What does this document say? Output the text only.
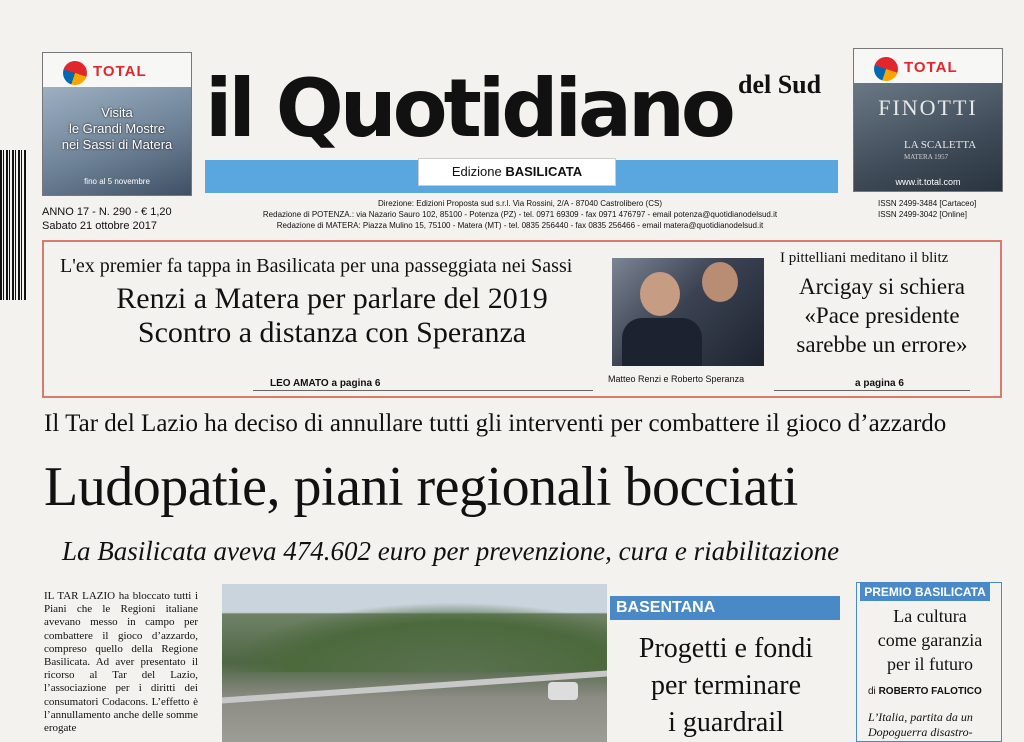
TOTAL
Visita
le Grandi Mostre
nei Sassi di Matera
fino al 5 novembre
TOTAL
FINOTTI
LA SCALETTA
MATERA 1957
www.it.total.com
il Quotidiano del Sud
Edizione BASILICATA
ANNO 17 - N. 290 - € 1,20
Sabato 21 ottobre 2017
Direzione: Edizioni Proposta sud s.r.l. Via Rossini, 2/A - 87040 Castrolibero (CS)
Redazione di POTENZA.: via Nazario Sauro 102, 85100 - Potenza (PZ) - tel. 0971 69309 - fax 0971 476797 - email potenza@quotidianodelsud.it
Redazione di MATERA: Piazza Mulino 15, 75100 - Matera (MT) - tel. 0835 256440 - fax 0835 256466 - email matera@quotidianodelsud.it
ISSN 2499-3484 [Cartaceo]
ISSN 2499-3042 [Online]
L'ex premier fa tappa in Basilicata per una passeggiata nei Sassi
Renzi a Matera per parlare del 2019
Scontro a distanza con Speranza
LEO AMATO a pagina 6	Matteo Renzi e Roberto Speranza
I pittelliani meditano il blitz
Arcigay si schiera
«Pace presidente
sarebbe un errore»
a pagina 6
Il Tar del Lazio ha deciso di annullare tutti gli interventi per combattere il gioco d’azzardo
Ludopatie, piani regionali bocciati
La Basilicata aveva 474.602 euro per prevenzione, cura e riabilitazione
IL TAR LAZIO ha bloccato tutti i Piani che le Regioni italiane avevano messo in campo per combattere il gioco d’azzardo, compreso quello della Regione Basilicata. Ad aver presentato il ricorso al Tar del Lazio, l’associazione per i diritti dei consumatori Codacons. L’effetto è l’annullamento anche delle somme erogate
BASENTANA
Progetti e fondi
per terminare
i guardrail
PREMIO BASILICATA
La cultura
come garanzia
per il futuro
di ROBERTO FALOTICO
L’Italia, partita da un Dopoguerra disastro-
